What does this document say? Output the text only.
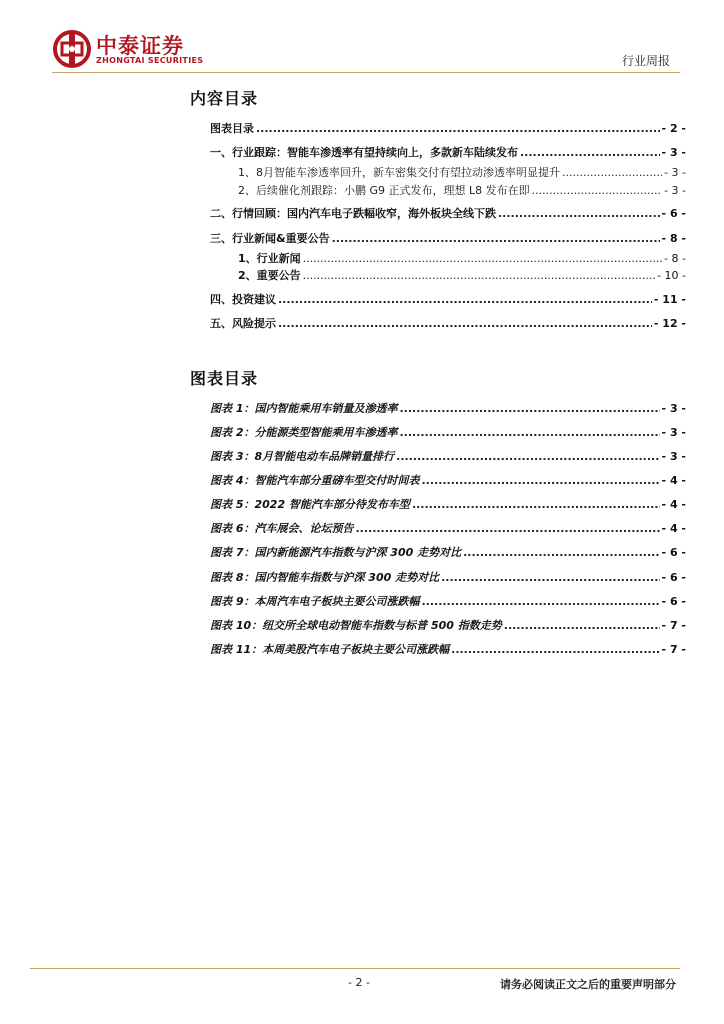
中泰证券
ZHONGTAI SECURITIES	行业周报
内容目录
图表目录 .....	- 2 -
一、行业跟踪：智能车渗透率有望持续向上，多款新车陆续发布 .....	- 3 -
1、8月智能车渗透率回升，新车密集交付有望拉动渗透率明显提升 .....	- 3 -
2、后续催化剂跟踪：小鹏 G9 正式发布，理想 L8 发布在即 .....	- 3 -
二、行情回顾：国内汽车电子跌幅收窄，海外板块全线下跌 .....	- 6 -
三、行业新闻&重要公告 .....	- 8 -
1、行业新闻 .....	- 8 -
2、重要公告 .....	- 10 -
四、投资建议 .....	- 11 -
五、风险提示 .....	- 12 -
图表目录
图表 1：国内智能乘用车销量及渗透率 .....	- 3 -
图表 2：分能源类型智能乘用车渗透率 .....	- 3 -
图表 3：8月智能电动车品牌销量排行 .....	- 3 -
图表 4：智能汽车部分重磅车型交付时间表 .....	- 4 -
图表 5：2022 智能汽车部分待发布车型 .....	- 4 -
图表 6：汽车展会、论坛预告 .....	- 4 -
图表 7：国内新能源汽车指数与沪深 300 走势对比 .....	- 6 -
图表 8：国内智能车指数与沪深 300 走势对比 .....	- 6 -
图表 9：本周汽车电子板块主要公司涨跌幅 .....	- 6 -
图表 10：纽交所全球电动智能车指数与标普 500 指数走势 .....	- 7 -
图表 11：本周美股汽车电子板块主要公司涨跌幅 .....	- 7 -
- 2 -	请务必阅读正文之后的重要声明部分
